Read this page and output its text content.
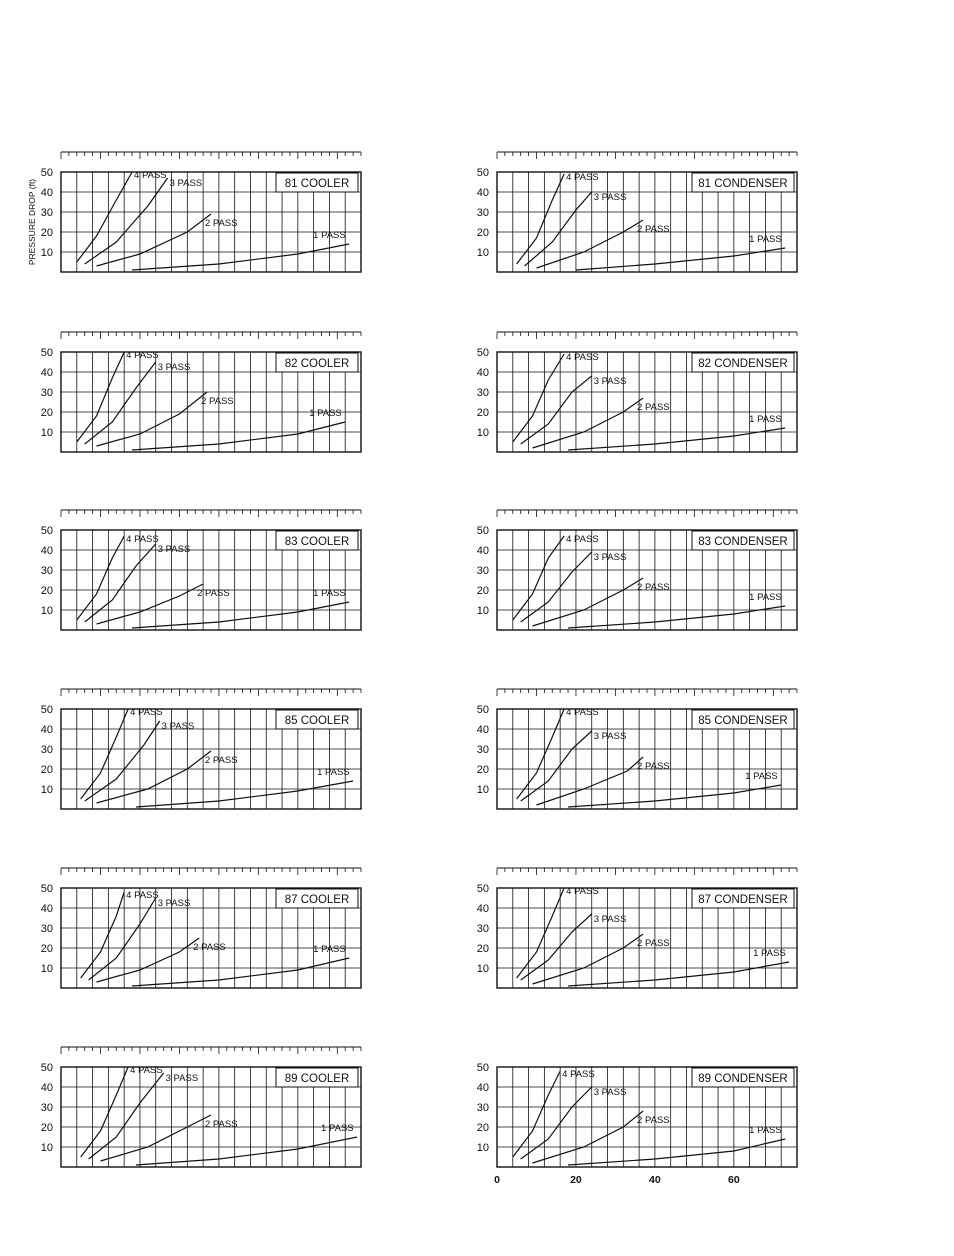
10
20
30
40
50
81 COOLER
4 PASS
3 PASS
2 PASS
1 PASS
10
20
30
40
50
81 CONDENSER
4 PASS
3 PASS
2 PASS
1 PASS
10
20
30
40
50
82 COOLER
4 PASS
3 PASS
2 PASS
1 PASS
10
20
30
40
50
82 CONDENSER
4 PASS
3 PASS
2 PASS
1 PASS
10
20
30
40
50
83 COOLER
4 PASS
3 PASS
2 PASS	1 PASS
10
20
30
40
50
83 CONDENSER
4 PASS
3 PASS
2 PASS
1 PASS
10
20
30
40
50
85 COOLER
4 PASS
3 PASS
2 PASS
1 PASS
10
20
30
40
50
85 CONDENSER
4 PASS
3 PASS
2 PASS
1 PASS
10
20
30
40
50
87 COOLER
4 PASS
3 PASS
2 PASS	1 PASS
10
20
30
40
50
87 CONDENSER
4 PASS
3 PASS
2 PASS
1 PASS
10
20
30
40
50
89 COOLER
4 PASS
3 PASS
2 PASS	1 PASS
10
20
30
40
50
89 CONDENSER
4 PASS
3 PASS
2 PASS
1 PASS
0	20	40	60
PRESSURE DROP (ft)
